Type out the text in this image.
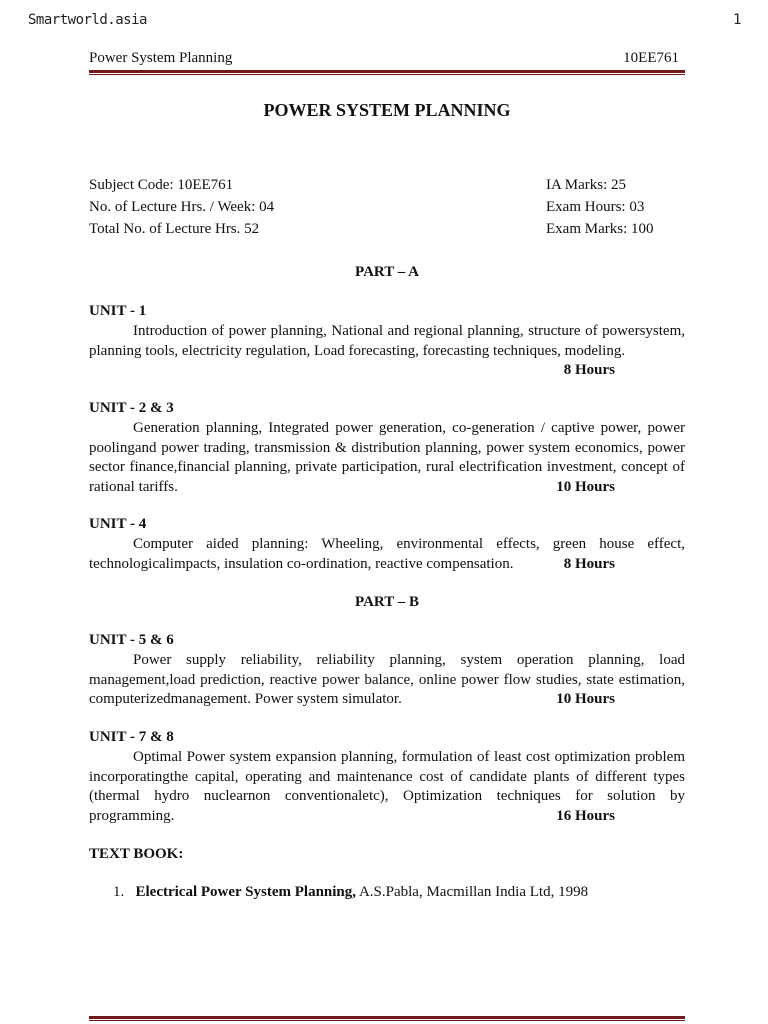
Smartworld.asia	1
Power System Planning	10EE761
POWER SYSTEM PLANNING
Subject Code: 10EE761	IA Marks: 25
No. of Lecture Hrs. / Week: 04	Exam Hours: 03
Total No. of Lecture Hrs. 52	Exam Marks: 100
PART – A
UNIT - 1
Introduction of power planning, National and regional planning, structure of powersystem, planning tools, electricity regulation, Load forecasting, forecasting techniques, modeling.
8 Hours
UNIT - 2 & 3
Generation planning, Integrated power generation, co-generation / captive power, power poolingand power trading, transmission & distribution planning, power system economics, power sector finance,financial planning, private participation, rural electrification investment, concept of rational tariffs.	10 Hours
UNIT - 4
Computer aided planning: Wheeling, environmental effects, green house effect, technologicalimpacts, insulation co-ordination, reactive compensation.	8 Hours
PART – B
UNIT - 5 & 6
Power supply reliability, reliability planning, system operation planning, load management,load prediction, reactive power balance, online power flow studies, state estimation, computerizedmanagement. Power system simulator.	10 Hours
UNIT - 7 & 8
Optimal Power system expansion planning, formulation of least cost optimization problem incorporatingthe capital, operating and maintenance cost of candidate plants of different types (thermal hydro nuclearnon conventionaletc), Optimization techniques for solution by programming.	16 Hours
TEXT BOOK:
1. Electrical Power System Planning, A.S.Pabla, Macmillan India Ltd, 1998
